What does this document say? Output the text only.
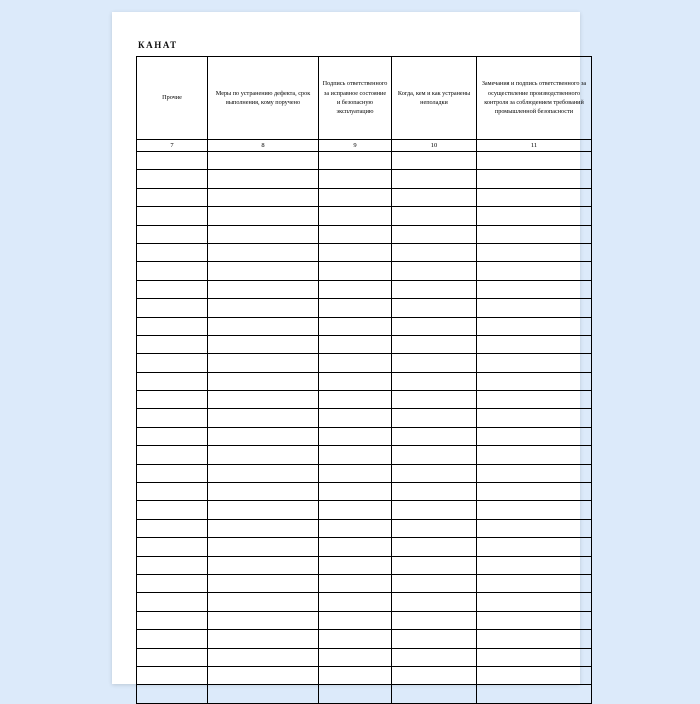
КАНАТ
Прочие	Меры по устранению дефекта, срок выполнения, кому поручено	Подпись ответственного за исправное состояние и безопасную эксплуатацию	Когда, кем и как устранены неполадки	Замечания и подпись ответственного за осуществление производственного контроля за соблюдением требований промышленной безопасности
7	8	9	10	11
